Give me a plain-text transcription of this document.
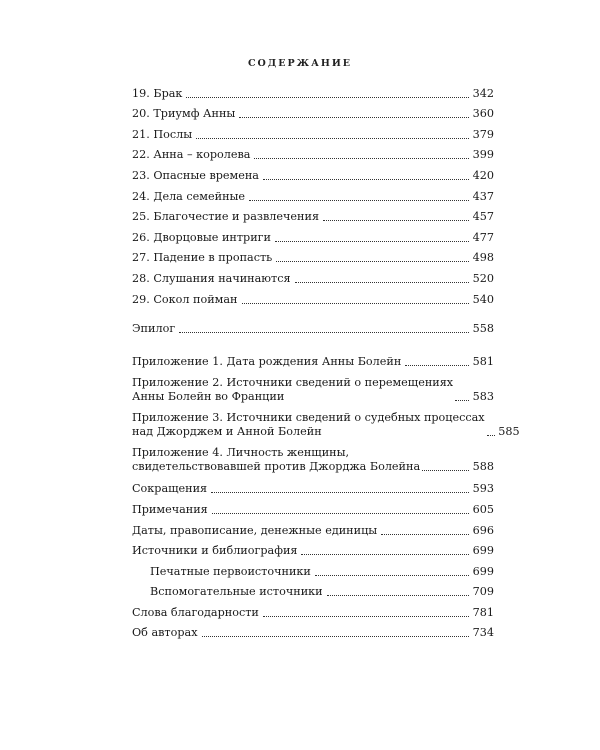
СОДЕРЖАНИЕ
19. Брак	342
20. Триумф Анны	360
21. Послы	379
22. Анна – королева	399
23. Опасные времена	420
24. Дела семейные	437
25. Благочестие и развлечения	457
26. Дворцовые интриги	477
27. Падение в пропасть	498
28. Слушания начинаются	520
29. Сокол пойман	540
Эпилог	558
Приложение 1. Дата рождения Анны Болейн	581
Приложение 2. Источники сведений о перемещениях
Анны Болейн во Франции	583
Приложение 3. Источники сведений о судебных процессах
над Джорджем и Анной Болейн	585
Приложение 4. Личность женщины,
свидетельствовавшей против Джорджа Болейна	588
Сокращения	593
Примечания	605
Даты, правописание, денежные единицы	696
Источники и библиография	699
Печатные первоисточники	699
Вспомогательные источники	709
Слова благодарности	781
Об авторах	734
